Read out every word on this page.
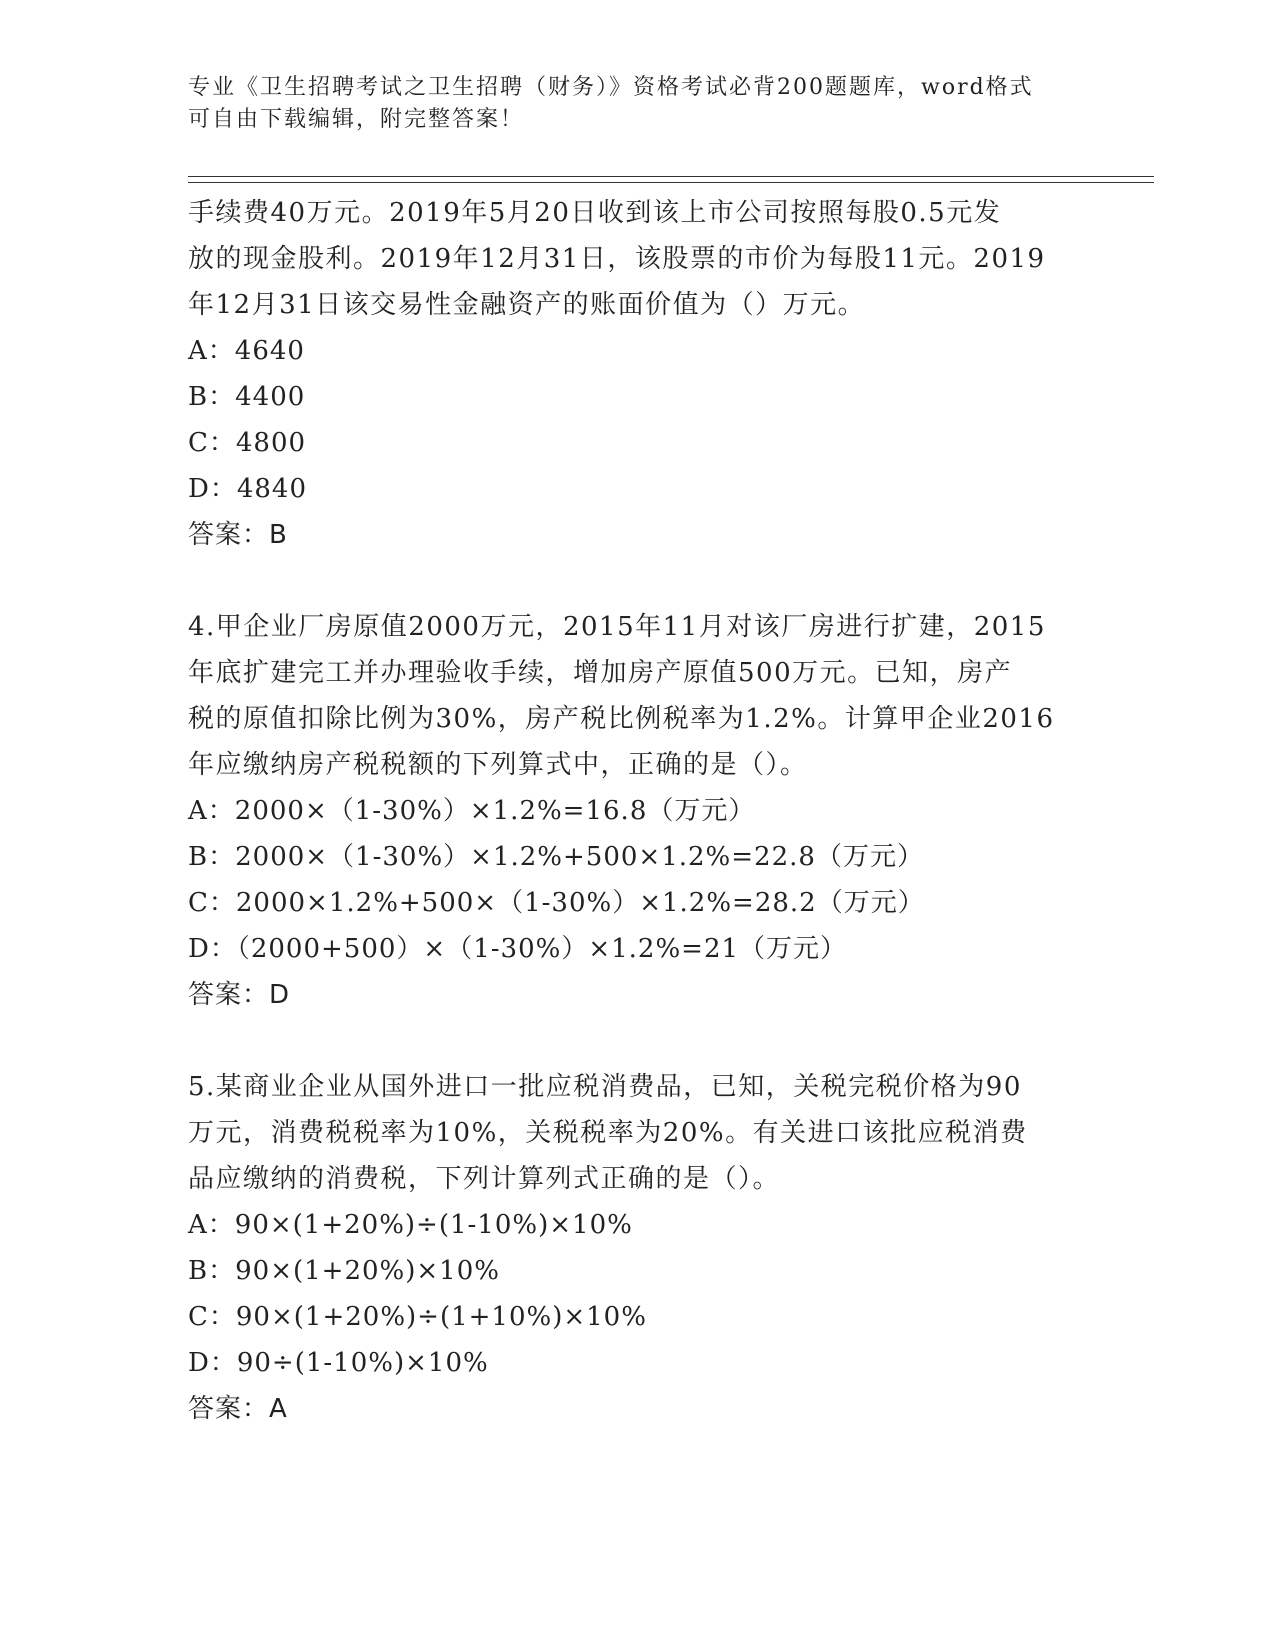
专业《卫生招聘考试之卫生招聘（财务）》资格考试必背200题题库，word格式
可自由下载编辑，附完整答案！
手续费40万元。2019年5月20日收到该上市公司按照每股0.5元发
放的现金股利。2019年12月31日，该股票的市价为每股11元。2019
年12月31日该交易性金融资产的账面价值为（）万元。
A：4640
B：4400
C：4800
D：4840
答案：B
4.甲企业厂房原值2000万元，2015年11月对该厂房进行扩建，2015
年底扩建完工并办理验收手续，增加房产原值500万元。已知，房产
税的原值扣除比例为30%，房产税比例税率为1.2%。计算甲企业2016
年应缴纳房产税税额的下列算式中，正确的是（）。
A：2000×（1-30%）×1.2%=16.8（万元）
B：2000×（1-30%）×1.2%+500×1.2%=22.8（万元）
C：2000×1.2%+500×（1-30%）×1.2%=28.2（万元）
D：（2000+500）×（1-30%）×1.2%=21（万元）
答案：D
5.某商业企业从国外进口一批应税消费品，已知，关税完税价格为90
万元，消费税税率为10%，关税税率为20%。有关进口该批应税消费
品应缴纳的消费税，下列计算列式正确的是（）。
A：90×(1+20%)÷(1-10%)×10%
B：90×(1+20%)×10%
C：90×(1+20%)÷(1+10%)×10%
D：90÷(1-10%)×10%
答案：A
